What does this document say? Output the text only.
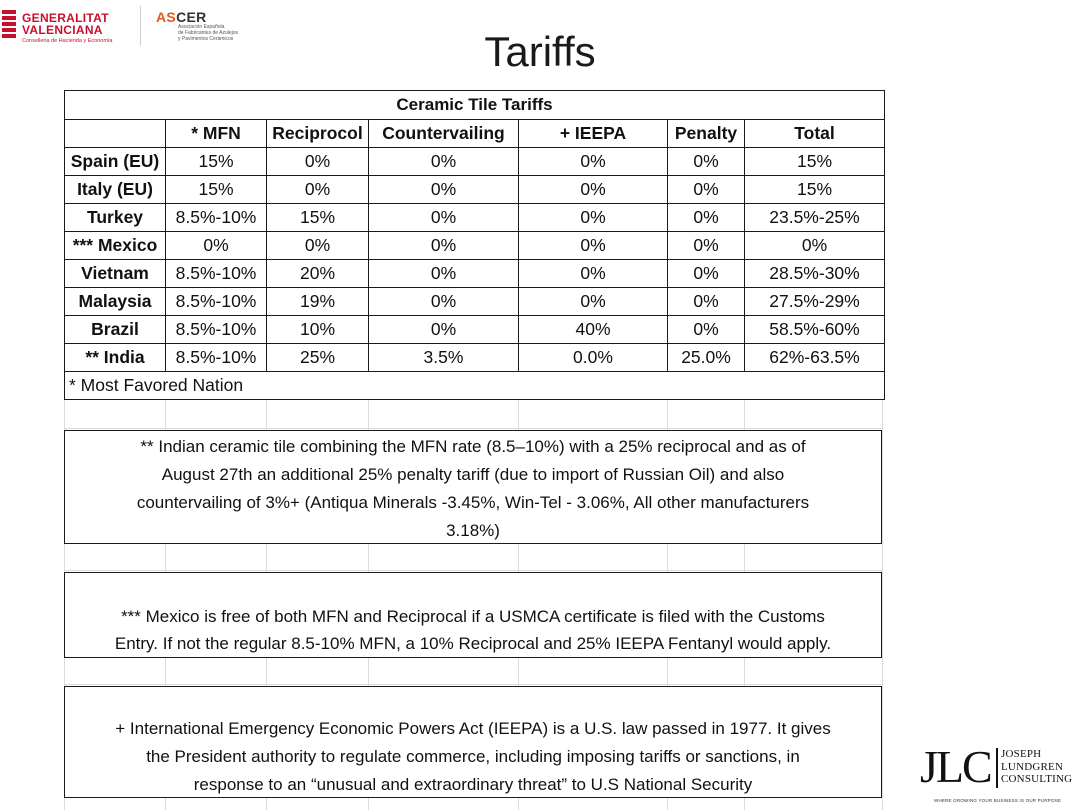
GENERALITAT
VALENCIANA
Conselleria de Hacienda y Economía
ASCER
Asociación Española
de Fabricantes de Azulejos
y Pavimentos Cerámicos	Tariffs
Ceramic Tile Tariffs						
	* MFN	Reciprocol	Countervailing	+ IEEPA	Penalty	Total
Spain (EU)	15%	0%	0%	0%	0%	15%
Italy (EU)	15%	0%	0%	0%	0%	15%
Turkey	8.5%-10%	15%	0%	0%	0%	23.5%-25%
*** Mexico	0%	0%	0%	0%	0%	0%
Vietnam	8.5%-10%	20%	0%	0%	0%	28.5%-30%
Malaysia	8.5%-10%	19%	0%	0%	0%	27.5%-29%
Brazil	8.5%-10%	10%	0%	40%	0%	58.5%-60%
** India	8.5%-10%	25%	3.5%	0.0%	25.0%	62%-63.5%
* Most Favored Nation						
** Indian ceramic tile combining the MFN rate (8.5–10%) with a 25% reciprocal and as of
August 27th an additional 25% penalty tariff (due to import of Russian Oil) and also
countervailing of 3%+ (Antiqua Minerals -3.45%, Win-Tel - 3.06%, All other manufacturers
3.18%)
*** Mexico is free of both MFN and Reciprocal if a USMCA certificate is filed with the Customs
Entry. If not the regular 8.5-10% MFN, a 10% Reciprocal and 25% IEEPA Fentanyl would apply.
+ International Emergency Economic Powers Act (IEEPA) is a U.S. law passed in 1977. It gives
the President authority to regulate commerce, including imposing tariffs or sanctions, in
response to an “unusual and extraordinary threat” to U.S National Security	JLC JOSEPH
LUNDGREN
CONSULTING
WHERE GROWING YOUR BUSINESS IS OUR PURPOSE
